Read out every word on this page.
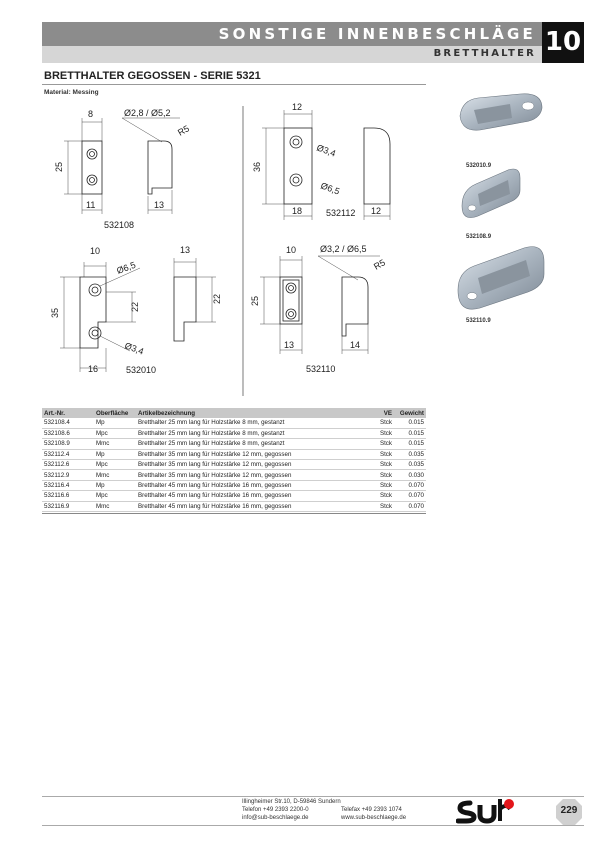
SONSTIGE INNENBESCHLÄGE
BRETTHALTER 10
BRETTHALTER GEGOSSEN - SERIE 5321
Material: Messing
8	Ø2,8 / Ø5,2
R5
25
11	13
532108
12
Ø3,4
Ø6,5
36
18	532112 12
10
Ø6,5
Ø3,4
35
22
16	532010
13
22
10	Ø3,2 / Ø6,5
R5
25
13	14
532110
532010.9
532108.9
532110.9
Art.-Nr.	Oberfläche	Artikelbezeichnung	VE	Gewicht
532108.4	Mp	Bretthalter 25 mm lang für Holzstärke 8 mm, gestanzt	Stck	0.015
532108.6	Mpc	Bretthalter 25 mm lang für Holzstärke 8 mm, gestanzt	Stck	0.015
532108.9	Mmc	Bretthalter 25 mm lang für Holzstärke 8 mm, gestanzt	Stck	0.015
532112.4	Mp	Bretthalter 35 mm lang für Holzstärke 12 mm, gegossen	Stck	0.035
532112.6	Mpc	Bretthalter 35 mm lang für Holzstärke 12 mm, gegossen	Stck	0.035
532112.9	Mmc	Bretthalter 35 mm lang für Holzstärke 12 mm, gegossen	Stck	0.030
532116.4	Mp	Bretthalter 45 mm lang für Holzstärke 16 mm, gegossen	Stck	0.070
532116.6	Mpc	Bretthalter 45 mm lang für Holzstärke 16 mm, gegossen	Stck	0.070
532116.9	Mmc	Bretthalter 45 mm lang für Holzstärke 16 mm, gegossen	Stck	0.070
Illingheimer Str.10, D-59846 Sundern
Telefon +49 2393 2200-0	Telefax +49 2393 1074
info@sub-beschlaege.de	www.sub-beschlaege.de
229
